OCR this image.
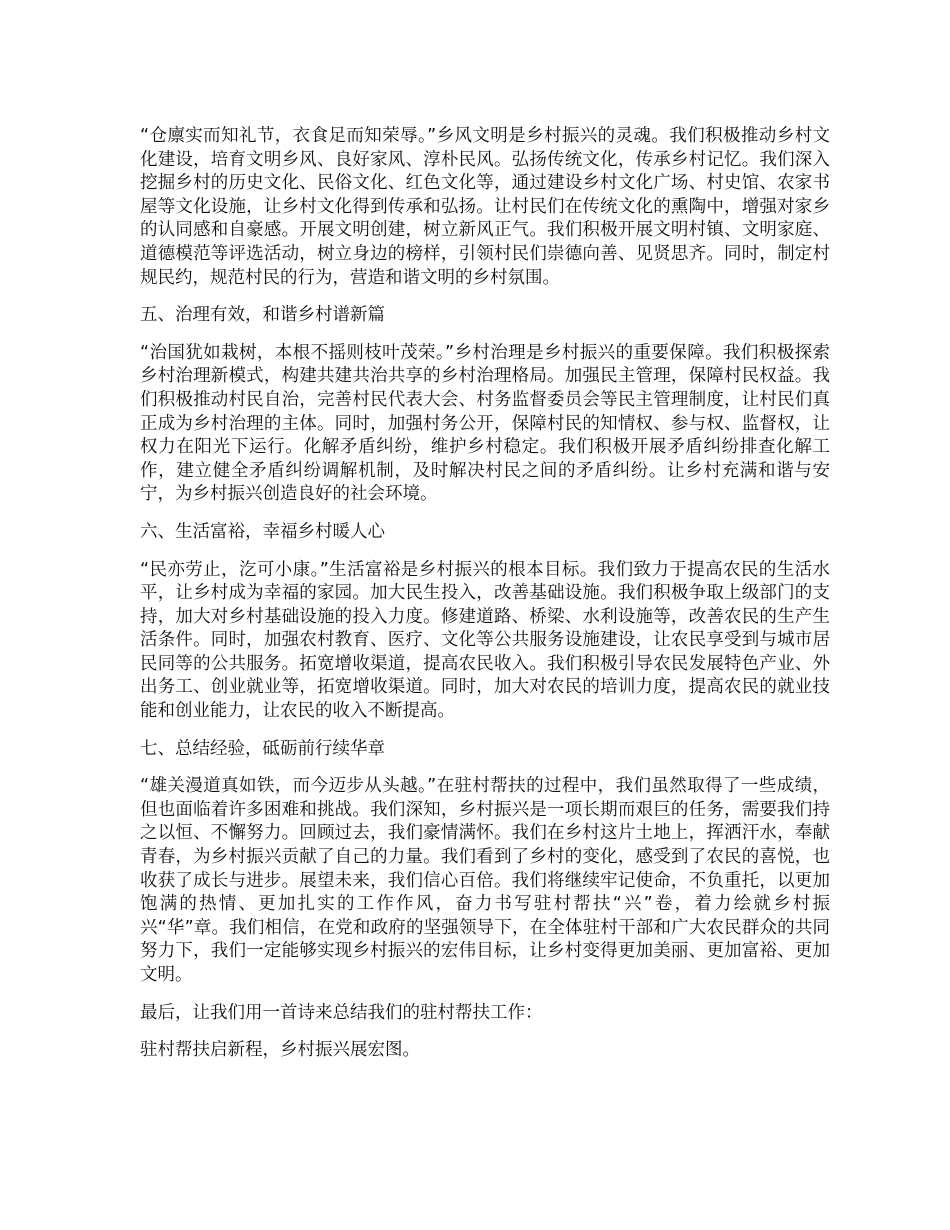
“仓廪实而知礼节，衣食足而知荣辱。”乡风文明是乡村振兴的灵魂。我们积极推动乡村文化建设，培育文明乡风、良好家风、淳朴民风。弘扬传统文化，传承乡村记忆。我们深入挖掘乡村的历史文化、民俗文化、红色文化等，通过建设乡村文化广场、村史馆、农家书屋等文化设施，让乡村文化得到传承和弘扬。让村民们在传统文化的熏陶中，增强对家乡的认同感和自豪感。开展文明创建，树立新风正气。我们积极开展文明村镇、文明家庭、道德模范等评选活动，树立身边的榜样，引领村民们崇德向善、见贤思齐。同时，制定村规民约，规范村民的行为，营造和谐文明的乡村氛围。

五、治理有效，和谐乡村谱新篇

“治国犹如栽树，本根不摇则枝叶茂荣。”乡村治理是乡村振兴的重要保障。我们积极探索乡村治理新模式，构建共建共治共享的乡村治理格局。加强民主管理，保障村民权益。我们积极推动村民自治，完善村民代表大会、村务监督委员会等民主管理制度，让村民们真正成为乡村治理的主体。同时，加强村务公开，保障村民的知情权、参与权、监督权，让权力在阳光下运行。化解矛盾纠纷，维护乡村稳定。我们积极开展矛盾纠纷排查化解工作，建立健全矛盾纠纷调解机制，及时解决村民之间的矛盾纠纷。让乡村充满和谐与安宁，为乡村振兴创造良好的社会环境。

六、生活富裕，幸福乡村暖人心

“民亦劳止，汔可小康。”生活富裕是乡村振兴的根本目标。我们致力于提高农民的生活水平，让乡村成为幸福的家园。加大民生投入，改善基础设施。我们积极争取上级部门的支持，加大对乡村基础设施的投入力度。修建道路、桥梁、水利设施等，改善农民的生产生活条件。同时，加强农村教育、医疗、文化等公共服务设施建设，让农民享受到与城市居民同等的公共服务。拓宽增收渠道，提高农民收入。我们积极引导农民发展特色产业、外出务工、创业就业等，拓宽增收渠道。同时，加大对农民的培训力度，提高农民的就业技能和创业能力，让农民的收入不断提高。

七、总结经验，砥砺前行续华章

“雄关漫道真如铁，而今迈步从头越。”在驻村帮扶的过程中，我们虽然取得了一些成绩，但也面临着许多困难和挑战。我们深知，乡村振兴是一项长期而艰巨的任务，需要我们持之以恒、不懈努力。回顾过去，我们豪情满怀。我们在乡村这片土地上，挥洒汗水，奉献青春，为乡村振兴贡献了自己的力量。我们看到了乡村的变化，感受到了农民的喜悦，也收获了成长与进步。展望未来，我们信心百倍。我们将继续牢记使命，不负重托，以更加饱满的热情、更加扎实的工作作风，奋力书写驻村帮扶“兴”卷，着力绘就乡村振兴“华”章。我们相信，在党和政府的坚强领导下，在全体驻村干部和广大农民群众的共同努力下，我们一定能够实现乡村振兴的宏伟目标，让乡村变得更加美丽、更加富裕、更加文明。

最后，让我们用一首诗来总结我们的驻村帮扶工作：

驻村帮扶启新程，乡村振兴展宏图。
